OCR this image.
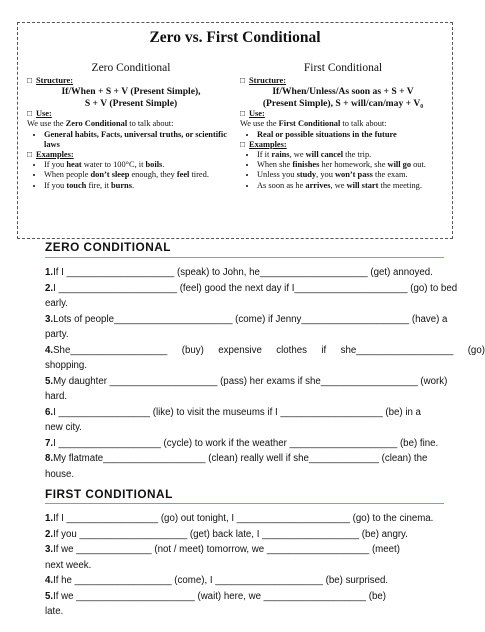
Zero vs. First Conditional
Zero Conditional
□ Structure:
If/When + S + V (Present Simple),
S + V (Present Simple)
□ Use:
We use the Zero Conditional to talk about:
• General habits, Facts, universal truths, or scientific laws
□ Examples:
• If you heat water to 100°C, it boils.
• When people don’t sleep enough, they feel tired.
• If you touch fire, it burns.
First Conditional
□ Structure:
If/When/Unless/As soon as + S + V
(Present Simple), S + will/can/may + V₀
□ Use:
We use the First Conditional to talk about:
• Real or possible situations in the future
□ Examples:
• If it rains, we will cancel the trip.
• When she finishes her homework, she will go out.
• Unless you study, you won’t pass the exam.
• As soon as he arrives, we will start the meeting.
ZERO CONDITIONAL
1.If I ____________________ (speak) to John, he____________________ (get) annoyed.
2.I ______________________ (feel) good the next day if I_____________________ (go) to bed
early.
3.Lots of people______________________ (come) if Jenny____________________ (have) a
party.
4.She__________________ (buy) expensive clothes if she__________________ (go)
shopping.
5.My daughter ____________________ (pass) her exams if she__________________ (work)
hard.
6.I _________________ (like) to visit the museums if I ___________________ (be) in a
new city.
7.I ___________________ (cycle) to work if the weather ____________________ (be) fine.
8.My flatmate___________________ (clean) really well if she_____________ (clean) the
house.
FIRST CONDITIONAL
1.If I _________________ (go) out tonight, I _____________________ (go) to the cinema.
2.If you ____________________ (get) back late, I __________________ (be) angry.
3.If we ______________ (not / meet) tomorrow, we ___________________ (meet)
next week.
4.If he __________________ (come), I ____________________ (be) surprised.
5.If we ______________________ (wait) here, we ___________________ (be)
late.
